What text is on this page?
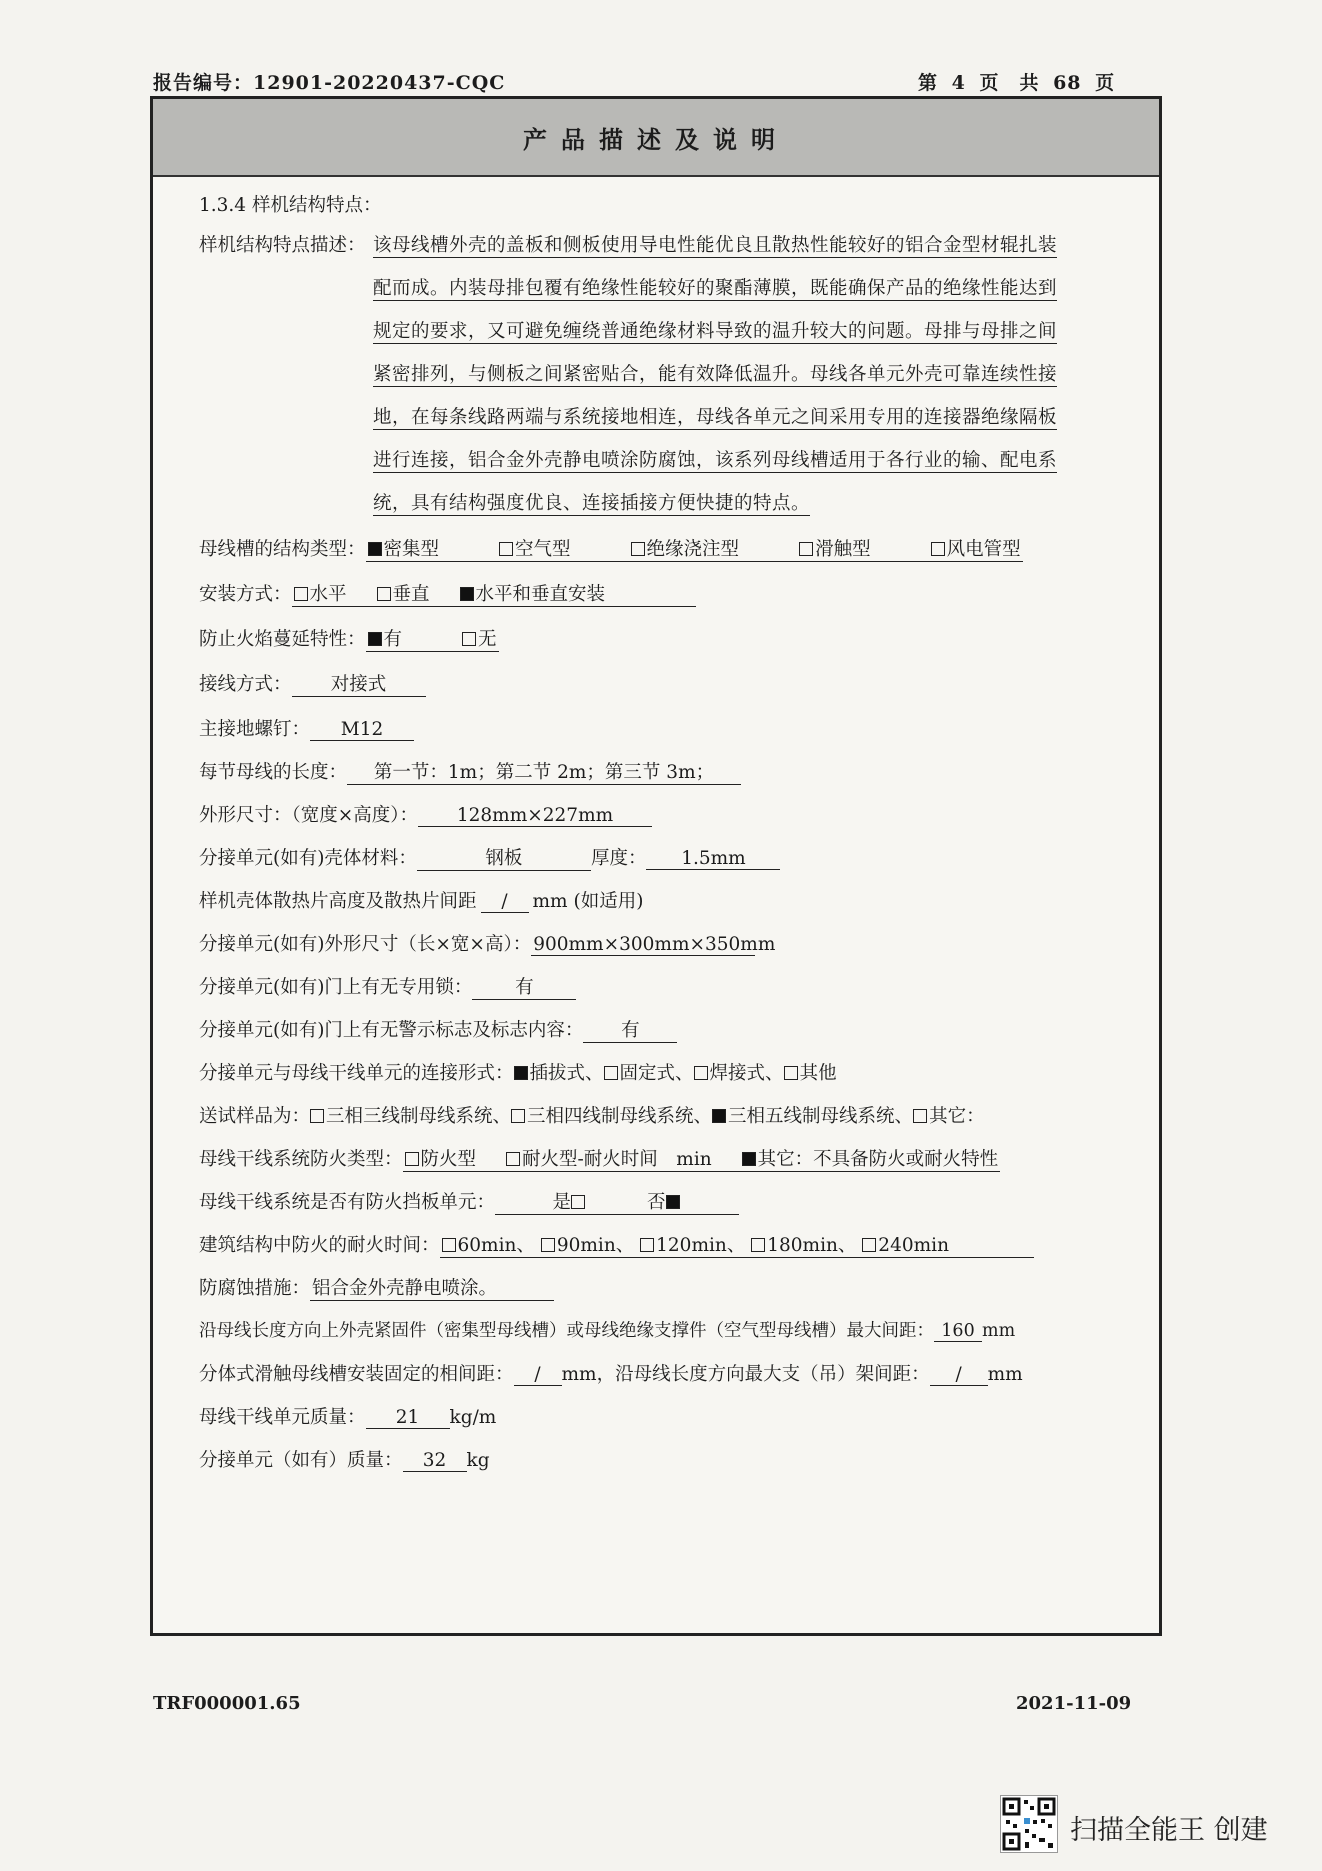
报告编号：12901-20220437-CQC	第 4 页　共 68 页
产品描述及说明
1.3.4 样机结构特点：
样机结构特点描述： 该母线槽外壳的盖板和侧板使用导电性能优良且散热性能较好的铝合金型材辊扎装
配而成。内装母排包覆有绝缘性能较好的聚酯薄膜，既能确保产品的绝缘性能达到
规定的要求，又可避免缠绕普通绝缘材料导致的温升较大的问题。母排与母排之间
紧密排列，与侧板之间紧密贴合，能有效降低温升。母线各单元外壳可靠连续性接
地，在每条线路两端与系统接地相连，母线各单元之间采用专用的连接器绝缘隔板
进行连接，铝合金外壳静电喷涂防腐蚀，该系列母线槽适用于各行业的输、配电系
统，具有结构强度优良、连接插接方便快捷的特点。
母线槽的结构类型： 密集型	空气型	绝缘浇注型	滑触型	风电管型
安装方式： 水平 垂直 水平和垂直安装
防止火焰蔓延特性： 有	无
接线方式： 对接式
主接地螺钉： M12
每节母线的长度： 第一节：1m；第二节 2m；第三节 3m；
外形尺寸：（宽度×高度）： 128mm×227mm
分接单元(如有)壳体材料：	钢板	厚度： 1.5mm
样机壳体散热片高度及散热片间距 / mm (如适用)
分接单元(如有)外形尺寸（长×宽×高）： 900mm×300mm×350mm
分接单元(如有)门上有无专用锁： 有
分接单元(如有)门上有无警示标志及标志内容： 有
分接单元与母线干线单元的连接形式： 插拔式、 固定式、 焊接式、 其他
送试样品为： 三相三线制母线系统、 三相四线制母线系统、 三相五线制母线系统、 其它：
母线干线系统防火类型： 防火型 耐火型-耐火时间　min 其它：不具备防火或耐火特性
母线干线系统是否有防火挡板单元：	是	否
建筑结构中防火的耐火时间： 60min、 90min、 120min、 180min、 240min
防腐蚀措施： 铝合金外壳静电喷涂。
沿母线长度方向上外壳紧固件（密集型母线槽）或母线绝缘支撑件（空气型母线槽）最大间距： 160 mm
分体式滑触母线槽安装固定的相间距： / mm，沿母线长度方向最大支（吊）架间距： / mm
母线干线单元质量： 21 kg/m
分接单元（如有）质量： 32 kg
TRF000001.65	2021-11-09
扫描全能王 创建
